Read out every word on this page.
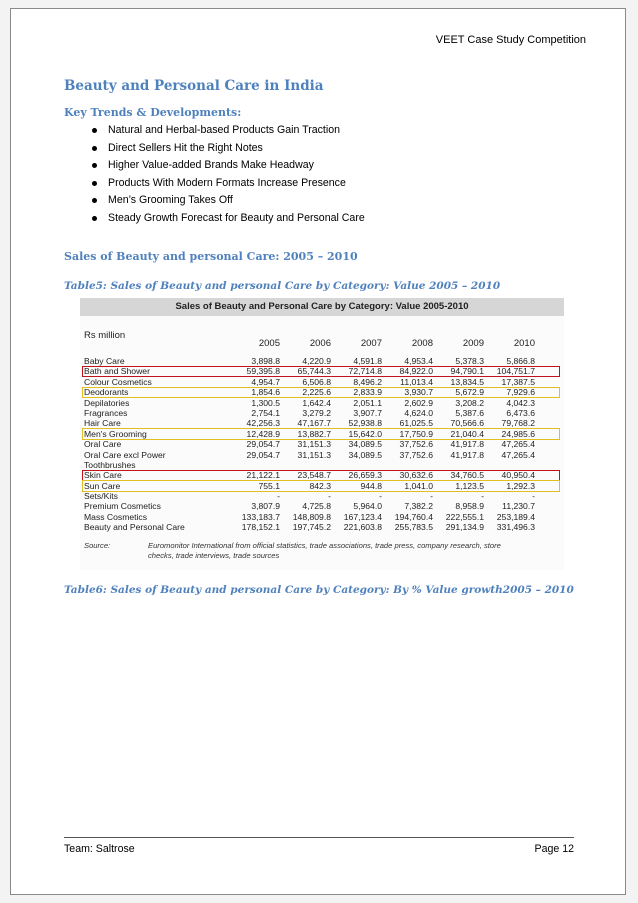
VEET Case Study Competition
Beauty and Personal Care in India
Key Trends & Developments:
Natural and Herbal-based Products Gain Traction
Direct Sellers Hit the Right Notes
Higher Value-added Brands Make Headway
Products With Modern Formats Increase Presence
Men’s Grooming Takes Off
Steady Growth Forecast for Beauty and Personal Care
Sales of Beauty and personal Care: 2005 – 2010
Table5: Sales of Beauty and personal Care by Category: Value 2005 – 2010
Sales of Beauty and Personal Care by Category: Value 2005-2010
Rs million
2005	2006	2007	2008	2009	2010
Baby Care	3,898.8	4,220.9	4,591.8	4,953.4	5,378.3	5,866.8
Bath and Shower	59,395.8	65,744.3	72,714.8	84,922.0	94,790.1	104,751.7
Colour Cosmetics	4,954.7	6,506.8	8,496.2	11,013.4	13,834.5	17,387.5
Deodorants	1,854.6	2,225.6	2,833.9	3,930.7	5,672.9	7,929.6
Depilatories	1,300.5	1,642.4	2,051.1	2,602.9	3,208.2	4,042.3
Fragrances	2,754.1	3,279.2	3,907.7	4,624.0	5,387.6	6,473.6
Hair Care	42,256.3	47,167.7	52,938.8	61,025.5	70,566.6	79,768.2
Men's Grooming	12,428.9	13,882.7	15,642.0	17,750.9	21,040.4	24,985.6
Oral Care	29,054.7	31,151.3	34,089.5	37,752.6	41,917.8	47,265.4
Oral Care excl Power	29,054.7	31,151.3	34,089.5	37,752.6	41,917.8	47,265.4
Toothbrushes
Skin Care	21,122.1	23,548.7	26,659.3	30,632.6	34,760.5	40,950.4
Sun Care	755.1	842.3	944.8	1,041.0	1,123.5	1,292.3
Sets/Kits	-	-	-	-	-	-
Premium Cosmetics	3,807.9	4,725.8	5,964.0	7,382.2	8,958.9	11,230.7
Mass Cosmetics	133,183.7	148,809.8	167,123.4	194,760.4	222,555.1	253,189.4
Beauty and Personal Care	178,152.1	197,745.2	221,603.8	255,783.5	291,134.9	331,496.3
Source:	Euromonitor International from official statistics, trade associations, trade press, company research, store
checks, trade interviews, trade sources
Table6: Sales of Beauty and personal Care by Category: By % Value growth2005 – 2010
Team: Saltrose	Page 12
